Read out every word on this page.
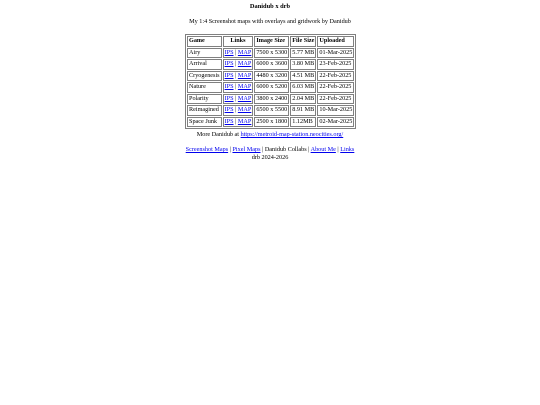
Danidub x drb
My 1:4 Screenshot maps with overlays and gridwork by Danidub
Game	Links	Image Size	File Size	Uploaded
Airy	IPS | MAP	7500 x 5300	5.77 MB	01-Mar-2025
Arrival	IPS | MAP	6000 x 3600	3.80 MB	23-Feb-2025
Cryogenesis	IPS | MAP	4480 x 3200	4.51 MB	22-Feb-2025
Nature	IPS | MAP	6000 x 5200	6.03 MB	22-Feb-2025
Polarity	IPS | MAP	3800 x 2400	2.04 MB	22-Feb-2025
Reimagined	IPS | MAP	6500 x 5500	8.91 MB	10-Mar-2025
Space Junk	IPS | MAP	2500 x 1800	1.12MB	02-Mar-2025
More Danidub at https://metroid-map-station.neocities.org/
Screenshot Maps | Pixel Maps | Danidub Collabs | About Me | Links
drb 2024-2026
